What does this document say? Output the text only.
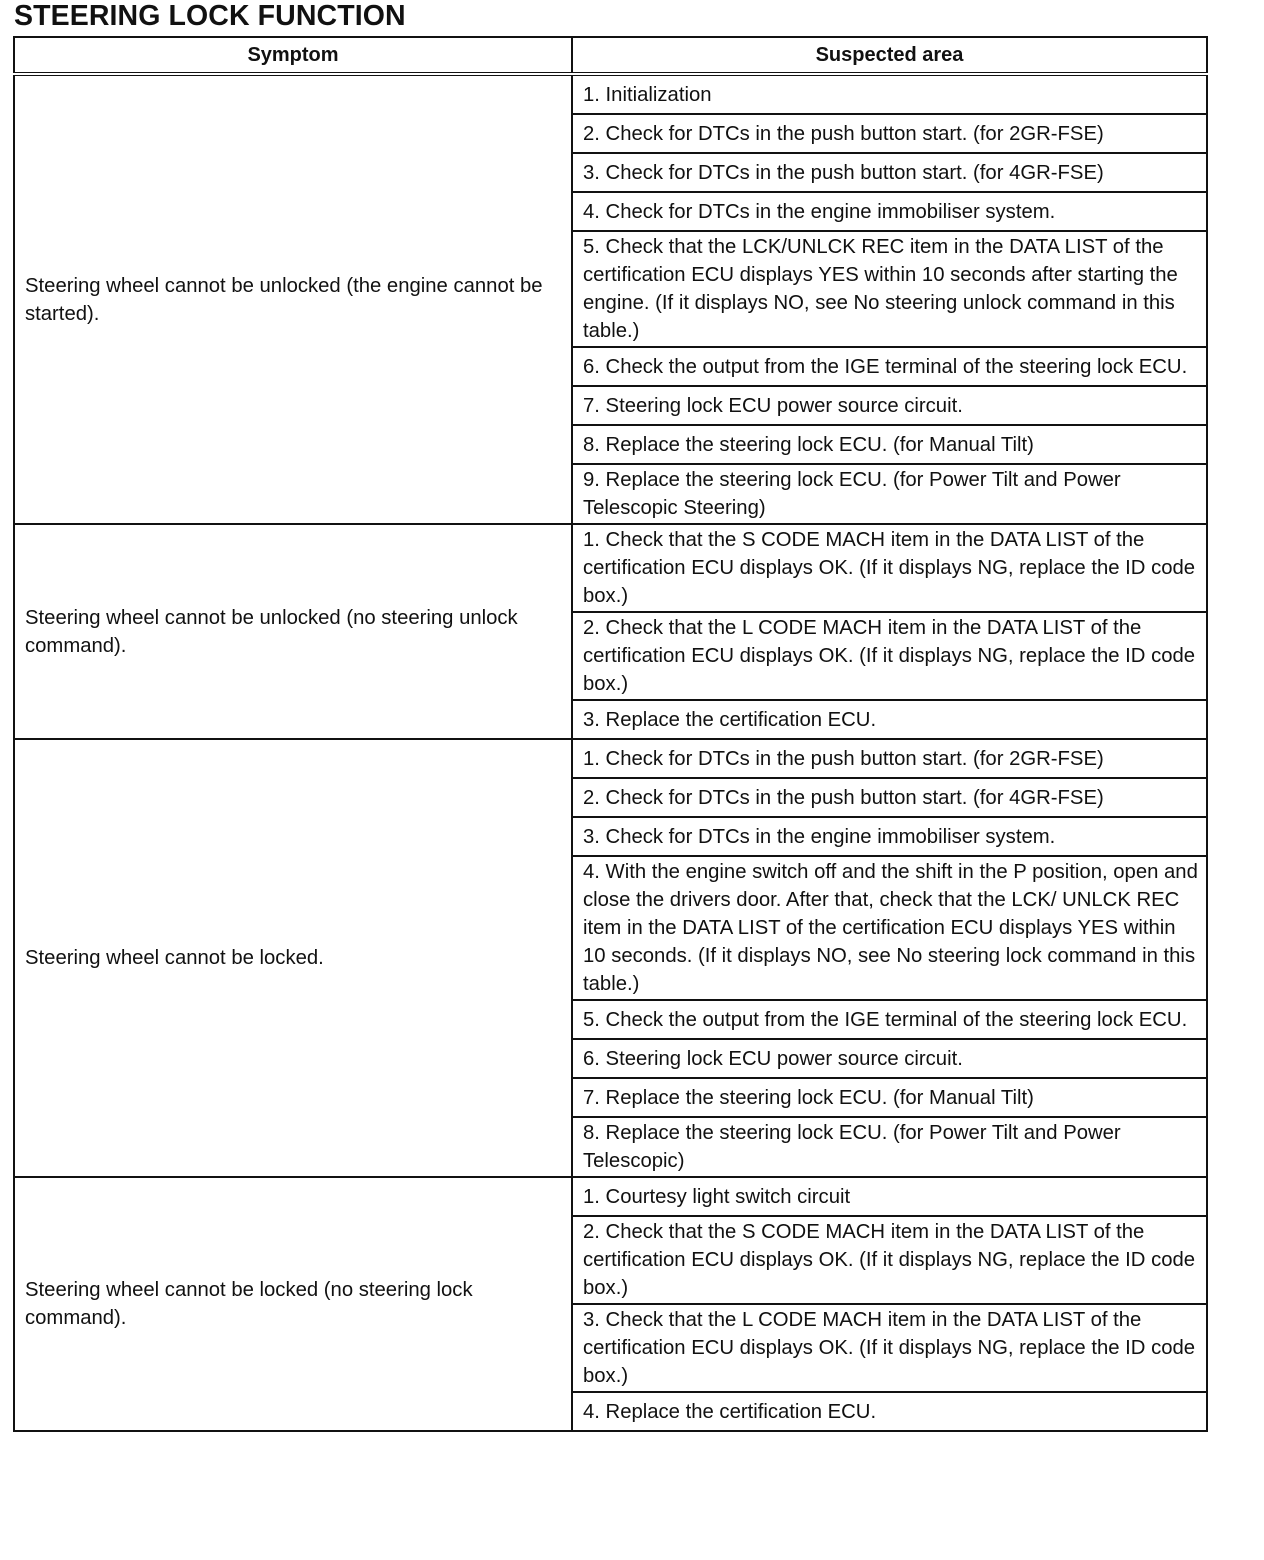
STEERING LOCK FUNCTION
Symptom	Suspected area
Steering wheel cannot be unlocked (the engine cannot be started).	1. Initialization
	2. Check for DTCs in the push button start. (for 2GR-FSE)
	3. Check for DTCs in the push button start. (for 4GR-FSE)
	4. Check for DTCs in the engine immobiliser system.
	5. Check that the LCK/UNLCK REC item in the DATA LIST of the certification ECU displays YES within 10 seconds after starting the engine. (If it displays NO, see No steering unlock command in this table.)
	6. Check the output from the IGE terminal of the steering lock ECU.
	7. Steering lock ECU power source circuit.
	8. Replace the steering lock ECU. (for Manual Tilt)
	9. Replace the steering lock ECU. (for Power Tilt and Power Telescopic Steering)
Steering wheel cannot be unlocked (no steering unlock command).	1. Check that the S CODE MACH item in the DATA LIST of the certification ECU displays OK. (If it displays NG, replace the ID code box.)
	2. Check that the L CODE MACH item in the DATA LIST of the certification ECU displays OK. (If it displays NG, replace the ID code box.)
	3. Replace the certification ECU.
Steering wheel cannot be locked.	1. Check for DTCs in the push button start. (for 2GR-FSE)
	2. Check for DTCs in the push button start. (for 4GR-FSE)
	3. Check for DTCs in the engine immobiliser system.
	4. With the engine switch off and the shift in the P position, open and close the drivers door. After that, check that the LCK/ UNLCK REC item in the DATA LIST of the certification ECU displays YES within 10 seconds. (If it displays NO, see No steering lock command in this table.)
	5. Check the output from the IGE terminal of the steering lock ECU.
	6. Steering lock ECU power source circuit.
	7. Replace the steering lock ECU. (for Manual Tilt)
	8. Replace the steering lock ECU. (for Power Tilt and Power Telescopic)
Steering wheel cannot be locked (no steering lock command).	1. Courtesy light switch circuit
	2. Check that the S CODE MACH item in the DATA LIST of the certification ECU displays OK. (If it displays NG, replace the ID code box.)
	3. Check that the L CODE MACH item in the DATA LIST of the certification ECU displays OK. (If it displays NG, replace the ID code box.)
	4. Replace the certification ECU.
